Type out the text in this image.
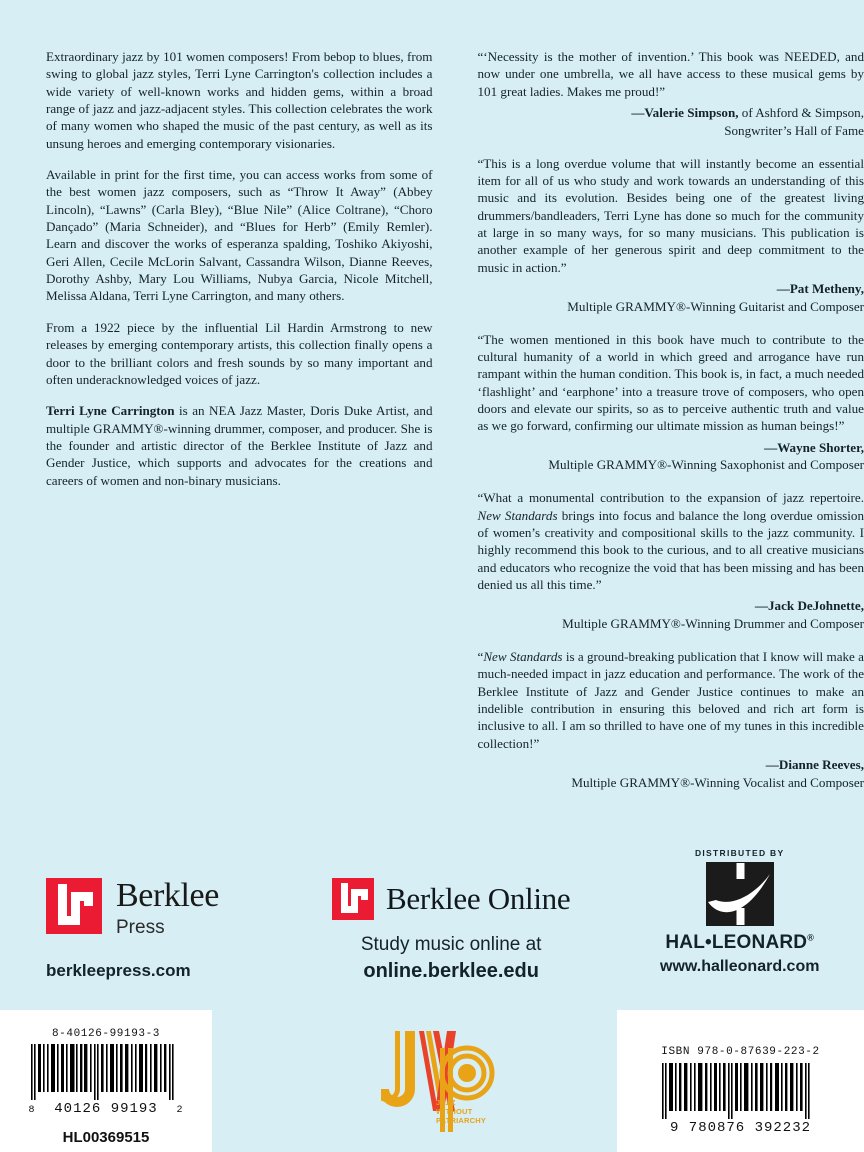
Extraordinary jazz by 101 women composers! From bebop to blues, from swing to global jazz styles, Terri Lyne Carrington's collection includes a wide variety of well-known works and hidden gems, within a broad range of jazz and jazz-adjacent styles. This collection celebrates the work of many women who shaped the music of the past century, as well as its unsung heroes and emerging contemporary visionaries.

Available in print for the first time, you can access works from some of the best women jazz composers, such as “Throw It Away” (Abbey Lincoln), “Lawns” (Carla Bley), “Blue Nile” (Alice Coltrane), “Choro Dançado” (Maria Schneider), and “Blues for Herb” (Emily Remler). Learn and discover the works of esperanza spalding, Toshiko Akiyoshi, Geri Allen, Cecile McLorin Salvant, Cassandra Wilson, Dianne Reeves, Dorothy Ashby, Mary Lou Williams, Nubya Garcia, Nicole Mitchell, Melissa Aldana, Terri Lyne Carrington, and many others.

From a 1922 piece by the influential Lil Hardin Armstrong to new releases by emerging contemporary artists, this collection finally opens a door to the brilliant colors and fresh sounds by so many important and often underacknowledged voices of jazz.

Terri Lyne Carrington is an NEA Jazz Master, Doris Duke Artist, and multiple GRAMMY®-winning drummer, composer, and producer. She is the founder and artistic director of the Berklee Institute of Jazz and Gender Justice, which supports and advocates for the creations and careers of women and non-binary musicians.

“‘Necessity is the mother of invention.’ This book was NEEDED, and now under one umbrella, we all have access to these musical gems by 101 great ladies. Makes me proud!”

—Valerie Simpson, of Ashford & Simpson,
Songwriter’s Hall of Fame

“This is a long overdue volume that will instantly become an essential item for all of us who study and work towards an understanding of this music and its evolution. Besides being one of the greatest living drummers/bandleaders, Terri Lyne has done so much for the community at large in so many ways, for so many musicians. This publication is another example of her generous spirit and deep commitment to the music in action.”

—Pat Metheny,
Multiple GRAMMY®-Winning Guitarist and Composer

“The women mentioned in this book have much to contribute to the cultural humanity of a world in which greed and arrogance have run rampant within the human condition. This book is, in fact, a much needed ‘flashlight’ and ‘earphone’ into a treasure trove of composers, who open doors and elevate our spirits, so as to perceive authentic truth and value as we go forward, confirming our ultimate mission as human beings!”

—Wayne Shorter,
Multiple GRAMMY®-Winning Saxophonist and Composer

“What a monumental contribution to the expansion of jazz repertoire. New Standards brings into focus and balance the long overdue omission of women’s creativity and compositional skills to the jazz community. I highly recommend this book to the curious, and to all creative musicians and educators who recognize the void that has been missing and has been denied us all this time.”

—Jack DeJohnette,
Multiple GRAMMY®-Winning Drummer and Composer

“New Standards is a ground-breaking publication that I know will make a much-needed impact in jazz education and performance. The work of the Berklee Institute of Jazz and Gender Justice continues to make an indelible contribution in ensuring this beloved and rich art form is inclusive to all. I am so thrilled to have one of my tunes in this incredible collection!”

—Dianne Reeves,
Multiple GRAMMY®-Winning Vocalist and Composer

Berklee
Press
berkleepress.com
Berklee Online
Study music online at
online.berklee.edu
DISTRIBUTED BY
HAL•LEONARD®
www.halleonard.com
8-40126-99193-3
8 40126 99193 2
HL00369515
ISBN 978-0-87639-223-2
9 780876 392232
JAZZ
WITHOUT
PATRIARCHY
